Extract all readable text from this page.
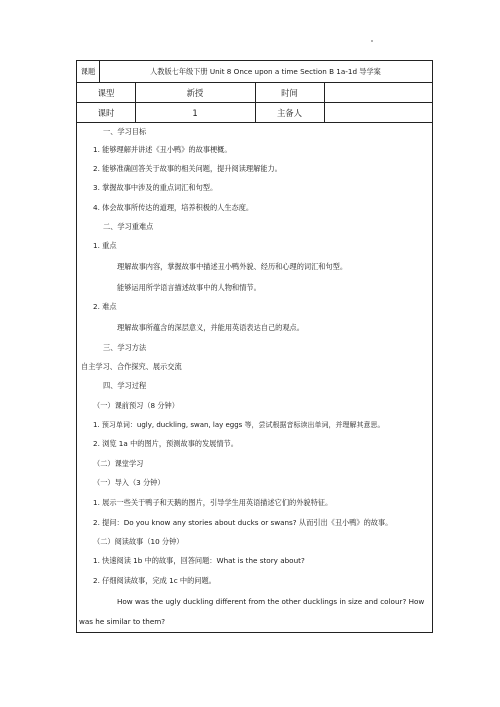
课题	人教版七年级下册 Unit 8 Once upon a time Section B 1a-1d 导学案
课型	新授	时间
课时	1	主备人
一、学习目标
1. 能够理解并讲述《丑小鸭》的故事梗概。
2. 能够准确回答关于故事的相关问题，提升阅读理解能力。
3. 掌握故事中涉及的重点词汇和句型。
4. 体会故事所传达的道理，培养积极的人生态度。
二、学习重难点
1. 重点
理解故事内容，掌握故事中描述丑小鸭外貌、经历和心理的词汇和句型。
能够运用所学语言描述故事中的人物和情节。
2. 难点
理解故事所蕴含的深层意义，并能用英语表达自己的观点。
三、学习方法
自主学习、合作探究、展示交流
四、学习过程
（一）课前预习（8 分钟）
1. 预习单词：ugly, duckling, swan, lay eggs 等，尝试根据音标读出单词，并理解其意思。
2. 浏览 1a 中的图片，预测故事的发展情节。
（二）课堂学习
（一）导入（3 分钟）
1. 展示一些关于鸭子和天鹅的图片，引导学生用英语描述它们的外貌特征。
2. 提问：Do you know any stories about ducks or swans? 从而引出《丑小鸭》的故事。
（二）阅读故事（10 分钟）
1. 快速阅读 1b 中的故事，回答问题：What is the story about?
2. 仔细阅读故事，完成 1c 中的问题。
How was the ugly duckling different from the other ducklings in size and colour? How
was he similar to them?
